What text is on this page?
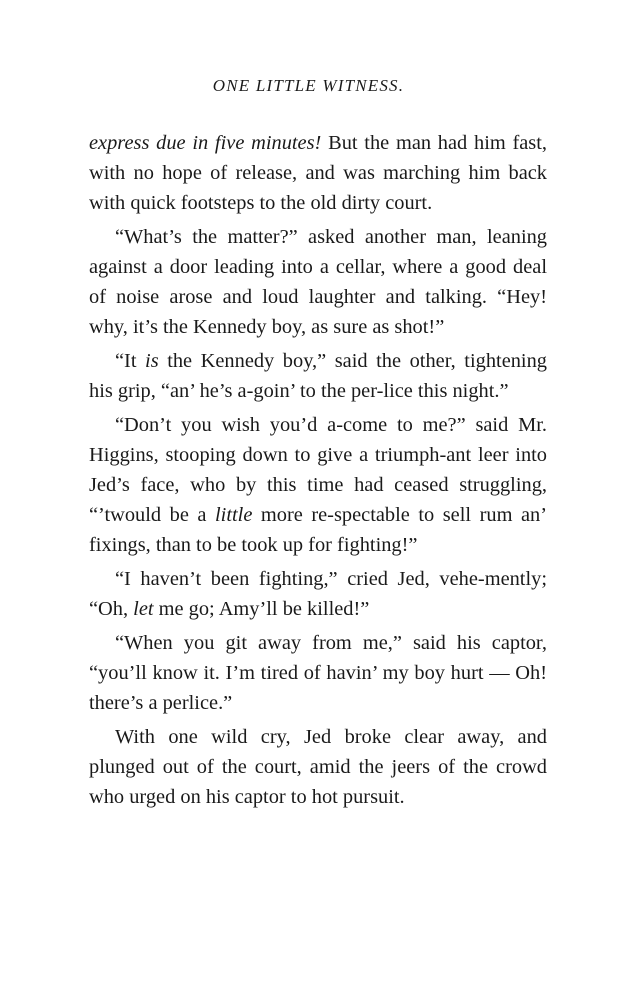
ONE LITTLE WITNESS.

express due in five minutes! But the man had him fast, with no hope of release, and was marching him back with quick footsteps to the old dirty court.

“What’s the matter?” asked another man, leaning against a door leading into a cellar, where a good deal of noise arose and loud laughter and talking. “Hey! why, it’s the Kennedy boy, as sure as shot!”

“It is the Kennedy boy,” said the other, tightening his grip, “an’ he’s a-goin’ to the per-lice this night.”

“Don’t you wish you’d a-come to me?” said Mr. Higgins, stooping down to give a triumph-ant leer into Jed’s face, who by this time had ceased struggling, “’twould be a little more re-spectable to sell rum an’ fixings, than to be took up for fighting!”

“I haven’t been fighting,” cried Jed, vehe-mently; “Oh, let me go; Amy’ll be killed!”

“When you git away from me,” said his captor, “you’ll know it. I’m tired of havin’ my boy hurt — Oh! there’s a perlice.”

With one wild cry, Jed broke clear away, and plunged out of the court, amid the jeers of the crowd who urged on his captor to hot pursuit.
